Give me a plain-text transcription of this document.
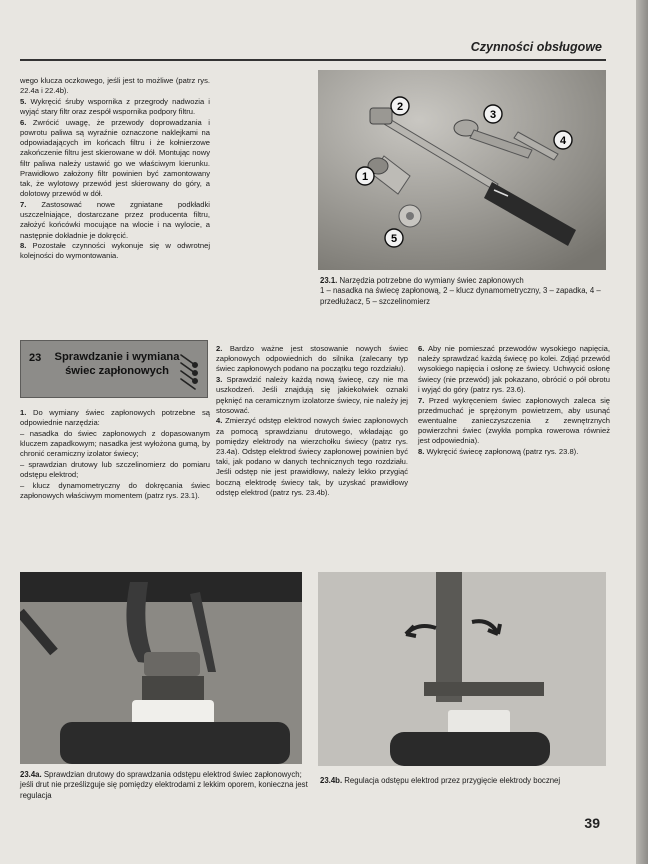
Czynności obsługowe

wego klucza oczkowego, jeśli jest to możliwe (patrz rys. 22.4a i 22.4b).

5. Wykręcić śruby wspornika z przegrody nadwozia i wyjąć stary filtr oraz zespół wspornika podpory filtru.

6. Zwrócić uwagę, że przewody doprowadzania i powrotu paliwa są wyraźnie oznaczone naklejkami na odpowiadających im końcach filtru i że kołnierzowe zakończenie filtru jest skierowane w dół. Montując nowy filtr paliwa należy ustawić go we właściwym kierunku. Prawidłowo założony filtr powinien być zamontowany tak, że wylotowy przewód jest skierowany do góry, a dolotowy przewód w dół.

7. Zastosować nowe zgniatane podkładki uszczelniające, dostarczane przez producenta filtru, założyć końcówki mocujące na wlocie i na wylocie, a następnie dokładnie je dokręcić.

8. Pozostałe czynności wykonuje się w odwrotnej kolejności do wymontowania.

23	Sprawdzanie i wymiana świec zapłonowych

1. Do wymiany świec zapłonowych potrzebne są odpowiednie narzędzia:

– nasadka do świec zapłonowych z dopasowanym kluczem zapadkowym; nasadka jest wyłożona gumą, by chronić ceramiczny izolator świecy;

– sprawdzian drutowy lub szczelinomierz do pomiaru odstępu elektrod;

– klucz dynamometryczny do dokręcania świec zapłonowych właściwym momentem (patrz rys. 23.1).

2. Bardzo ważne jest stosowanie nowych świec zapłonowych odpowiednich do silnika (zalecany typ świec zapłonowych podano na początku tego rozdziału).

3. Sprawdzić należy każdą nową świecę, czy nie ma uszkodzeń. Jeśli znajdują się jakiekolwiek oznaki pęknięć na ceramicznym izolatorze świecy, nie należy jej stosować.

4. Zmierzyć odstęp elektrod nowych świec zapłonowych za pomocą sprawdzianu drutowego, wkładając go pomiędzy elektrody na wierzchołku świecy (patrz rys. 23.4a). Odstęp elektrod świecy zapłonowej powinien być taki, jak podano w danych technicznych tego rozdziału. Jeśli odstęp nie jest prawidłowy, należy lekko przygiąć boczną elektrodę świecy tak, by uzyskać prawidłowy odstęp elektrod (patrz rys. 23.4b).

6. Aby nie pomieszać przewodów wysokiego napięcia, należy sprawdzać każdą świecę po kolei. Zdjąć przewód wysokiego napięcia i osłonę ze świecy. Uchwycić osłonę świecy (nie przewód) jak pokazano, obrócić o pół obrotu i wyjąć do góry (patrz rys. 23.6).

7. Przed wykręceniem świec zapłonowych zaleca się przedmuchać je sprężonym powietrzem, aby usunąć ewentualne zanieczyszczenia z zewnętrznych powierzchni świec (zwykła pompka rowerowa również jest odpowiednia).

8. Wykręcić świecę zapłonową (patrz rys. 23.8).

1
2
3
4
5
23.1. Narzędzia potrzebne do wymiany świec zapłonowych
1 – nasadka na świecę zapłonową, 2 – klucz dynamometryczny, 3 – zapadka, 4 – przedłużacz, 5 – szczelinomierz
23.4a. Sprawdzian drutowy do sprawdzania odstępu elektrod świec zapłonowych; jeśli drut nie prześlizguje się pomiędzy elektrodami z lekkim oporem, konieczna jest regulacja
23.4b. Regulacja odstępu elektrod przez przygięcie elektrody bocznej
39
